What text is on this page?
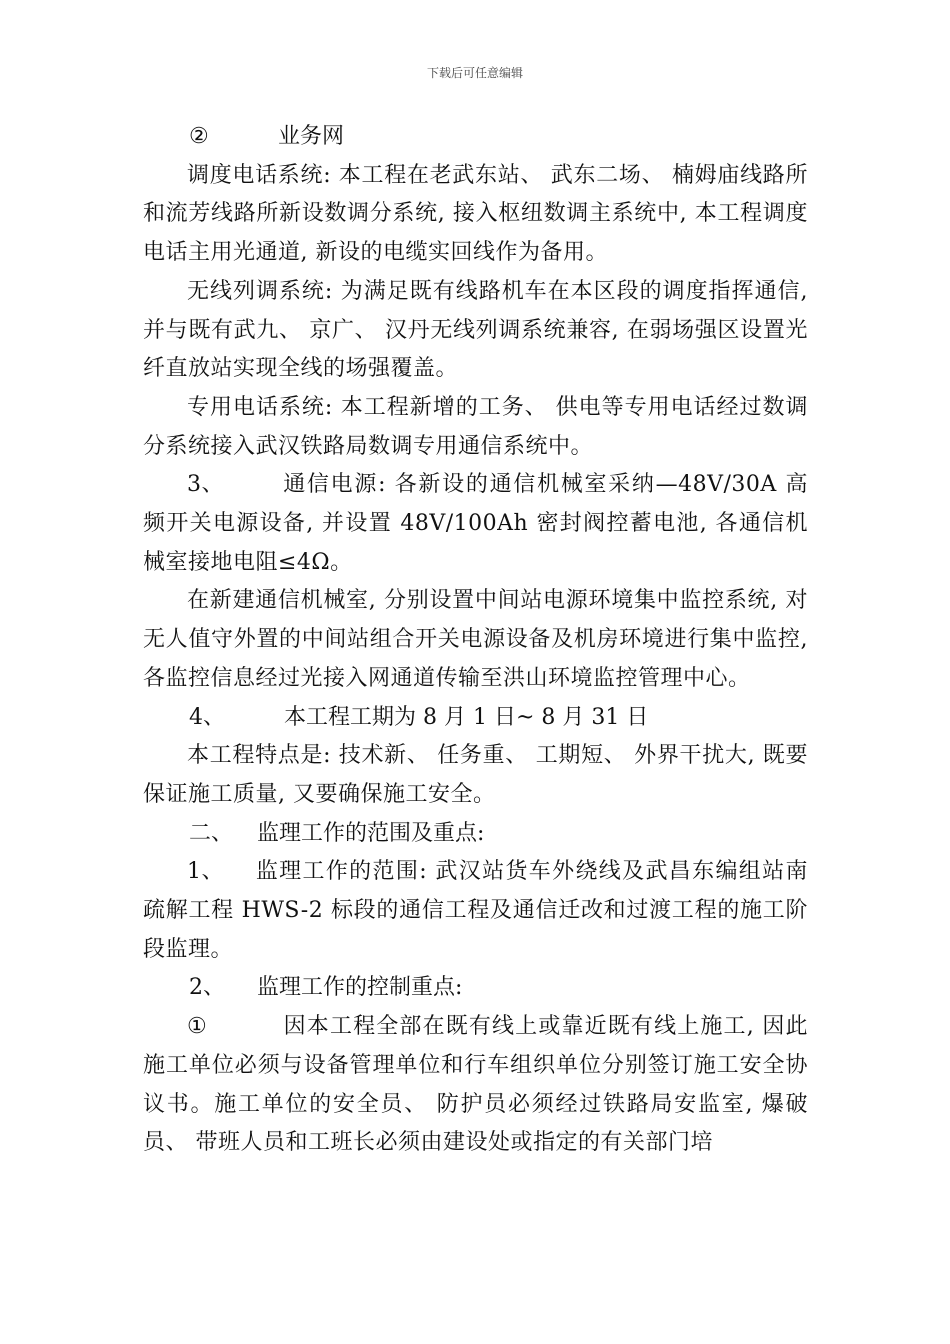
下载后可任意编辑
②	业务网

调度电话系统: 本工程在老武东站、 武东二场、 楠姆庙线路所和流芳线路所新设数调分系统, 接入枢纽数调主系统中, 本工程调度电话主用光通道, 新设的电缆实回线作为备用。

无线列调系统: 为满足既有线路机车在本区段的调度指挥通信, 并与既有武九、 京广、 汉丹无线列调系统兼容, 在弱场强区设置光纤直放站实现全线的场强覆盖。

专用电话系统: 本工程新增的工务、 供电等专用电话经过数调分系统接入武汉铁路局数调专用通信系统中。

3、	通信电源: 各新设的通信机械室采纳—48V/30A 高频开关电源设备, 并设置 48V/100Ah 密封阀控蓄电池, 各通信机械室接地电阻≤4Ω。

在新建通信机械室, 分别设置中间站电源环境集中监控系统, 对无人值守外置的中间站组合开关电源设备及机房环境进行集中监控, 各监控信息经过光接入网通道传输至洪山环境监控管理中心。

4、	本工程工期为 8 月 1 日~ 8 月 31 日

本工程特点是: 技术新、 任务重、 工期短、 外界干扰大, 既要保证施工质量, 又要确保施工安全。

二、	监理工作的范围及重点:

1、 监理工作的范围: 武汉站货车外绕线及武昌东编组站南疏解工程 HWS-2 标段的通信工程及通信迁改和过渡工程的施工阶段监理。

2、	监理工作的控制重点:

①	因本工程全部在既有线上或靠近既有线上施工, 因此施工单位必须与设备管理单位和行车组织单位分别签订施工安全协议书。施工单位的安全员、 防护员必须经过铁路局安监室, 爆破员、 带班人员和工班长必须由建设处或指定的有关部门培
